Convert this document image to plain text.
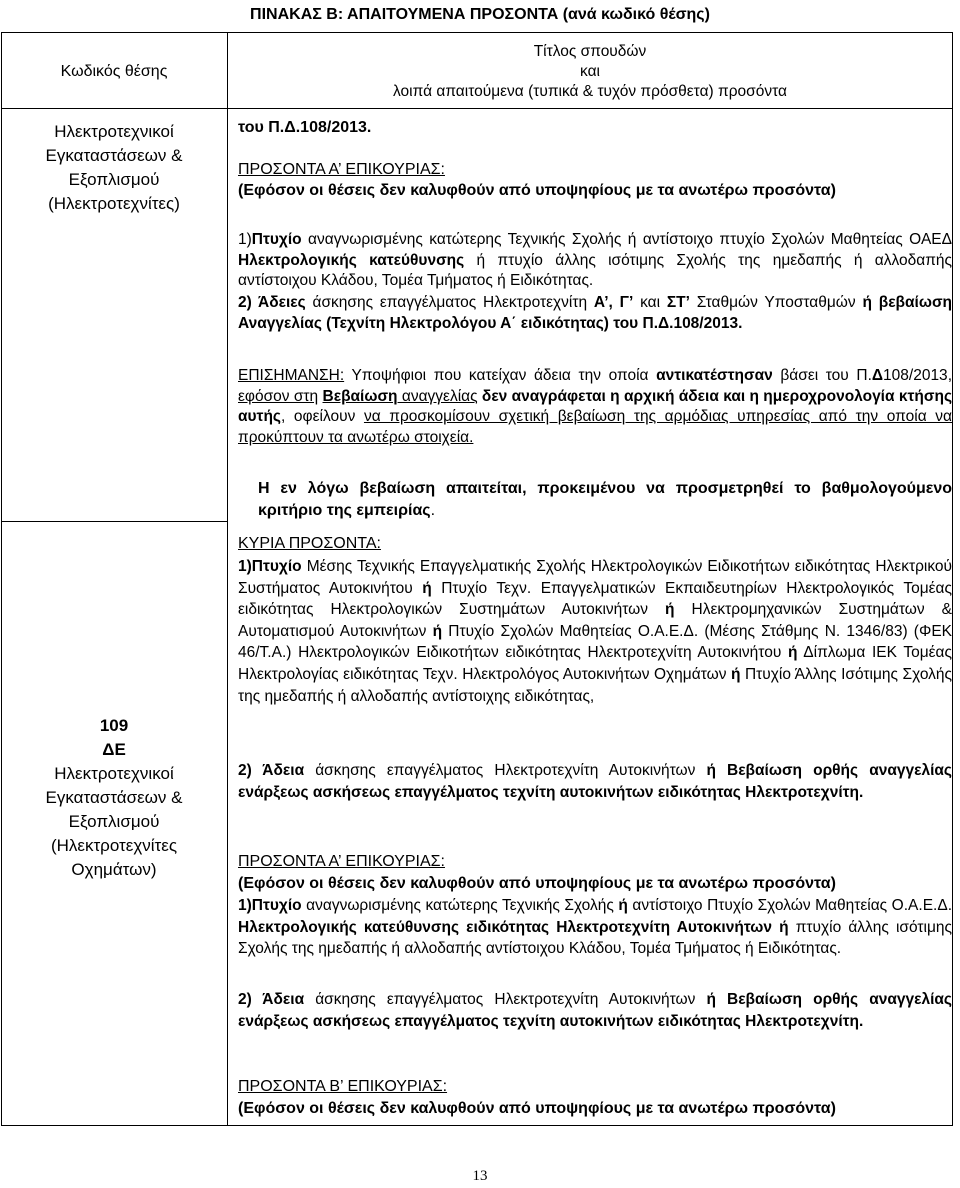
ΠΙΝΑΚΑΣ Β: ΑΠΑΙΤΟΥΜΕΝΑ ΠΡΟΣΟΝΤΑ (ανά κωδικό θέσης)
Κωδικός θέσης
Τίτλος σπουδών
και
λοιπά απαιτούμενα (τυπικά & τυχόν πρόσθετα) προσόντα
Ηλεκτροτεχνικοί
Εγκαταστάσεων &
Εξοπλισμού
(Ηλεκτροτεχνίτες)
του Π.Δ.108/2013.
ΠΡΟΣΟΝΤΑ Α’ ΕΠΙΚΟΥΡΙΑΣ:
(Εφόσον οι θέσεις δεν καλυφθούν από υποψηφίους με τα ανωτέρω προσόντα)
1)Πτυχίο αναγνωρισμένης κατώτερης Τεχνικής Σχολής ή αντίστοιχο πτυχίο Σχολών Μαθητείας ΟΑΕΔ Ηλεκτρολογικής κατεύθυνσης ή πτυχίο άλλης ισότιμης Σχολής της ημεδαπής ή αλλοδαπής αντίστοιχου Κλάδου, Τομέα Τμήματος ή Ειδικότητας.
2) Άδειες άσκησης επαγγέλματος Ηλεκτροτεχνίτη Α’, Γ’ και ΣΤ’ Σταθμών Υποσταθμών ή βεβαίωση Αναγγελίας (Τεχνίτη Ηλεκτρολόγου Α΄ ειδικότητας) του Π.Δ.108/2013.
ΕΠΙΣΗΜΑΝΣΗ: Υποψήφιοι που κατείχαν άδεια την οποία αντικατέστησαν βάσει του Π.Δ108/2013, εφόσον στη Βεβαίωση αναγγελίας δεν αναγράφεται η αρχική άδεια και η ημεροχρονολογία κτήσης αυτής, οφείλουν να προσκομίσουν σχετική βεβαίωση της αρμόδιας υπηρεσίας από την οποία να προκύπτουν τα ανωτέρω στοιχεία.
Η εν λόγω βεβαίωση απαιτείται, προκειμένου να προσμετρηθεί το βαθμολογούμενο κριτήριο της εμπειρίας.
109
ΔΕ
Ηλεκτροτεχνικοί
Εγκαταστάσεων &
Εξοπλισμού
(Ηλεκτροτεχνίτες
Οχημάτων)
ΚΥΡΙΑ ΠΡΟΣΟΝΤΑ:
1)Πτυχίο Μέσης Τεχνικής Επαγγελματικής Σχολής Ηλεκτρολογικών Ειδικοτήτων ειδικότητας Ηλεκτρικού Συστήματος Αυτοκινήτου ή Πτυχίο Τεχν. Επαγγελματικών Εκπαιδευτηρίων Ηλεκτρολογικός Τομέας ειδικότητας Ηλεκτρολογικών Συστημάτων Αυτοκινήτων ή Ηλεκτρομηχανικών Συστημάτων & Αυτοματισμού Αυτοκινήτων ή Πτυχίο Σχολών Μαθητείας Ο.Α.Ε.Δ. (Μέσης Στάθμης Ν. 1346/83) (ΦΕΚ 46/Τ.Α.) Ηλεκτρολογικών Ειδικοτήτων ειδικότητας Ηλεκτροτεχνίτη Αυτοκινήτου ή Δίπλωμα ΙΕΚ Τομέας Ηλεκτρολογίας ειδικότητας Τεχν. Ηλεκτρολόγος Αυτοκινήτων Οχημάτων ή Πτυχίο Άλλης Ισότιμης Σχολής της ημεδαπής ή αλλοδαπής αντίστοιχης ειδικότητας,
2) Άδεια άσκησης επαγγέλματος Ηλεκτροτεχνίτη Αυτοκινήτων ή Βεβαίωση ορθής αναγγελίας ενάρξεως ασκήσεως επαγγέλματος τεχνίτη αυτοκινήτων ειδικότητας Ηλεκτροτεχνίτη.
ΠΡΟΣΟΝΤΑ Α’ ΕΠΙΚΟΥΡΙΑΣ:
(Εφόσον οι θέσεις δεν καλυφθούν από υποψηφίους με τα ανωτέρω προσόντα)
1)Πτυχίο αναγνωρισμένης κατώτερης Τεχνικής Σχολής ή αντίστοιχο Πτυχίο Σχολών Μαθητείας Ο.Α.Ε.Δ. Ηλεκτρολογικής κατεύθυνσης ειδικότητας Ηλεκτροτεχνίτη Αυτοκινήτων ή πτυχίο άλλης ισότιμης Σχολής της ημεδαπής ή αλλοδαπής αντίστοιχου Κλάδου, Τομέα Τμήματος ή Ειδικότητας.
2) Άδεια άσκησης επαγγέλματος Ηλεκτροτεχνίτη Αυτοκινήτων ή Βεβαίωση ορθής αναγγελίας ενάρξεως ασκήσεως επαγγέλματος τεχνίτη αυτοκινήτων ειδικότητας Ηλεκτροτεχνίτη.
ΠΡΟΣΟΝΤΑ Β’ ΕΠΙΚΟΥΡΙΑΣ:
(Εφόσον οι θέσεις δεν καλυφθούν από υποψηφίους με τα ανωτέρω προσόντα)
13
